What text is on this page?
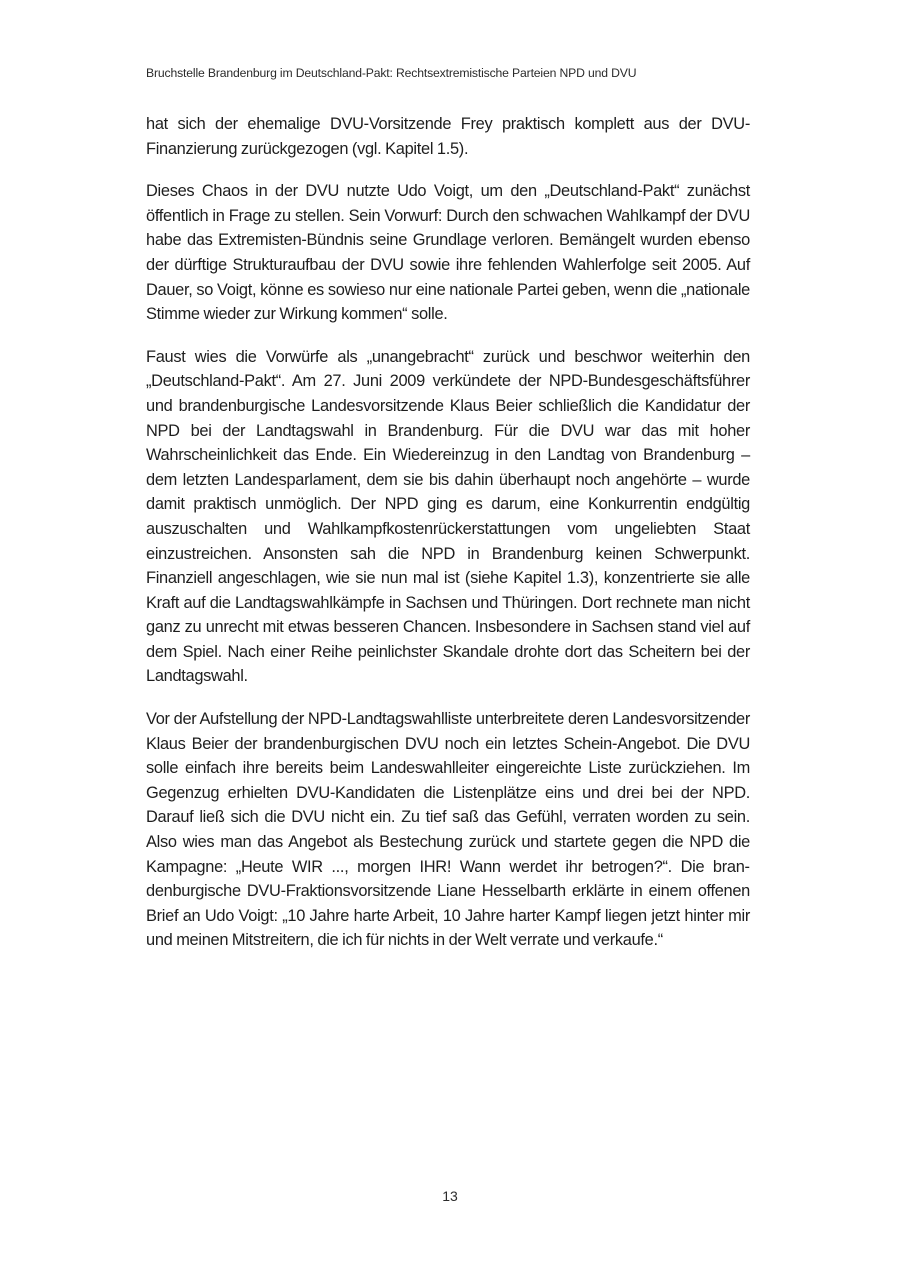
Bruchstelle Brandenburg im Deutschland-Pakt: Rechtsextremistische Parteien NPD und DVU

hat sich der ehemalige DVU-Vorsitzende Frey praktisch komplett aus der DVU-Finanzierung zurückgezogen (vgl. Kapitel 1.5).

Dieses Chaos in der DVU nutzte Udo Voigt, um den „Deutschland-Pakt“ zunächst öffentlich in Frage zu stellen. Sein Vorwurf: Durch den schwachen Wahlkampf der DVU habe das Extremisten-Bündnis seine Grundlage verloren. Bemängelt wurden ebenso der dürftige Strukturaufbau der DVU sowie ihre fehlenden Wahlerfolge seit 2005. Auf Dauer, so Voigt, könne es sowieso nur eine nationale Partei geben, wenn die „nationale Stimme wieder zur Wirkung kommen“ solle.

Faust wies die Vorwürfe als „unangebracht“ zurück und beschwor weiterhin den „Deutschland-Pakt“. Am 27. Juni 2009 verkündete der NPD-Bundesgeschäftsführer und brandenburgische Landesvorsitzende Klaus Beier schließlich die Kandidatur der NPD bei der Landtagswahl in Brandenburg. Für die DVU war das mit hoher Wahrscheinlichkeit das Ende. Ein Wiedereinzug in den Landtag von Brandenburg – dem letzten Landesparlament, dem sie bis dahin überhaupt noch angehörte – wurde damit praktisch unmöglich. Der NPD ging es darum, eine Konkurrentin endgültig auszuschalten und Wahlkampfkostenrückerstattungen vom ungeliebten Staat einzustreichen. Ansonsten sah die NPD in Brandenburg keinen Schwerpunkt. Finanziell angeschlagen, wie sie nun mal ist (siehe Kapitel 1.3), konzentrierte sie alle Kraft auf die Landtagswahlkämpfe in Sachsen und Thüringen. Dort rechnete man nicht ganz zu unrecht mit etwas besseren Chancen. Insbesondere in Sachsen stand viel auf dem Spiel. Nach einer Reihe peinlichster Skandale drohte dort das Scheitern bei der Landtagswahl.

Vor der Aufstellung der NPD-Landtagswahlliste unterbreitete deren Landesvorsitzender Klaus Beier der brandenburgischen DVU noch ein letztes Schein-Angebot. Die DVU solle einfach ihre bereits beim Landeswahlleiter eingereichte Liste zurückziehen. Im Gegenzug erhielten DVU-Kandidaten die Listenplätze eins und drei bei der NPD. Darauf ließ sich die DVU nicht ein. Zu tief saß das Gefühl, verraten worden zu sein. Also wies man das Angebot als Bestechung zurück und startete gegen die NPD die Kampagne: „Heute WIR ..., morgen IHR! Wann werdet ihr betrogen?“. Die brandenburgische DVU-Fraktionsvorsitzende Liane Hesselbarth erklärte in einem offenen Brief an Udo Voigt: „10 Jahre harte Arbeit, 10 Jahre harter Kampf liegen jetzt hinter mir und meinen Mitstreitern, die ich für nichts in der Welt verrate und verkaufe.“

13
